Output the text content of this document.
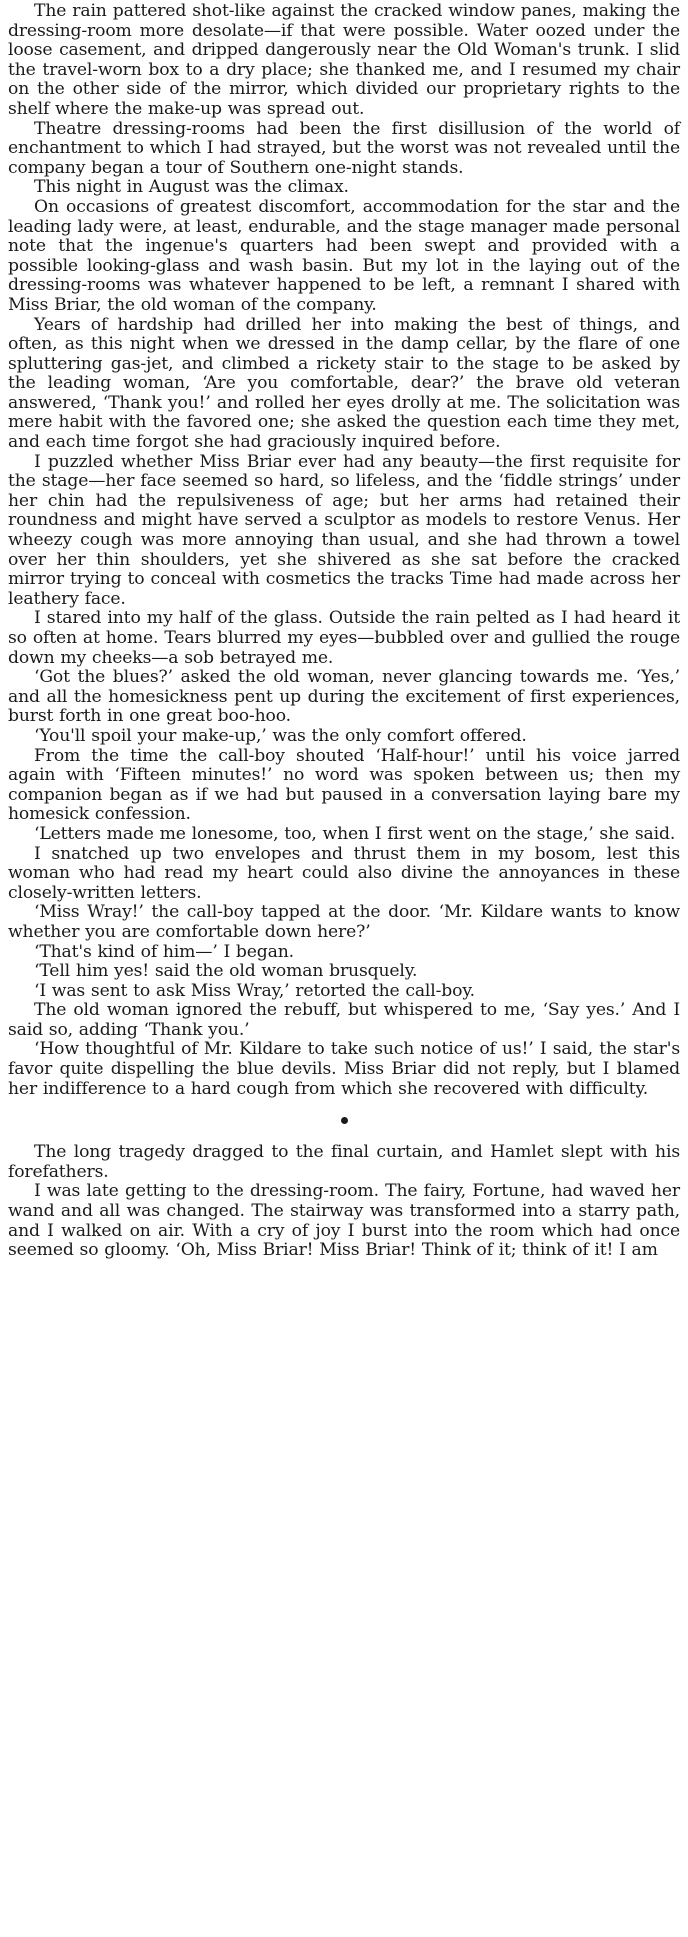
The rain pattered shot-like against the cracked window panes, making the dressing-room more desolate—if that were possible. Water oozed under the loose casement, and dripped dangerously near the Old Woman's trunk. I slid the travel-worn box to a dry place; she thanked me, and I resumed my chair on the other side of the mirror, which divided our proprietary rights to the shelf where the make-up was spread out.

Theatre dressing-rooms had been the first disillusion of the world of enchantment to which I had strayed, but the worst was not revealed until the company began a tour of Southern one-night stands.

This night in August was the climax.

On occasions of greatest discomfort, accommodation for the star and the leading lady were, at least, endurable, and the stage manager made personal note that the ingenue's quarters had been swept and provided with a possible looking-glass and wash basin. But my lot in the laying out of the dressing-rooms was whatever happened to be left, a remnant I shared with Miss Briar, the old woman of the company.

Years of hardship had drilled her into making the best of things, and often, as this night when we dressed in the damp cellar, by the flare of one spluttering gas-jet, and climbed a rickety stair to the stage to be asked by the leading woman, ‘Are you comfortable, dear?’ the brave old veteran answered, ‘Thank you!’ and rolled her eyes drolly at me. The solicitation was mere habit with the favored one; she asked the question each time they met, and each time forgot she had graciously inquired before.

I puzzled whether Miss Briar ever had any beauty—the first requisite for the stage—her face seemed so hard, so lifeless, and the ‘fiddle strings’ under her chin had the repulsiveness of age; but her arms had retained their roundness and might have served a sculptor as models to restore Venus. Her wheezy cough was more annoying than usual, and she had thrown a towel over her thin shoulders, yet she shivered as she sat before the cracked mirror trying to conceal with cosmetics the tracks Time had made across her leathery face.

I stared into my half of the glass. Outside the rain pelted as I had heard it so often at home. Tears blurred my eyes—bubbled over and gullied the rouge down my cheeks—a sob betrayed me.

‘Got the blues?’ asked the old woman, never glancing towards me. ‘Yes,’ and all the homesickness pent up during the excitement of first experiences, burst forth in one great boo-hoo.

‘You'll spoil your make-up,’ was the only comfort offered.

From the time the call-boy shouted ‘Half-hour!’ until his voice jarred again with ‘Fifteen minutes!’ no word was spoken between us; then my companion began as if we had but paused in a conversation laying bare my homesick confession.

‘Letters made me lonesome, too, when I first went on the stage,’ she said.

I snatched up two envelopes and thrust them in my bosom, lest this woman who had read my heart could also divine the annoyances in these closely-written letters.

‘Miss Wray!’ the call-boy tapped at the door. ‘Mr. Kildare wants to know whether you are comfortable down here?’

‘That's kind of him—’ I began.

‘Tell him yes! said the old woman brusquely.

‘I was sent to ask Miss Wray,’ retorted the call-boy.

The old woman ignored the rebuff, but whispered to me, ‘Say yes.’ And I said so, adding ‘Thank you.’

‘How thoughtful of Mr. Kildare to take such notice of us!’ I said, the star's favor quite dispelling the blue devils. Miss Briar did not reply, but I blamed her indifference to a hard cough from which she recovered with difficulty.

The long tragedy dragged to the final curtain, and Hamlet slept with his forefathers.

I was late getting to the dressing-room. The fairy, Fortune, had waved her wand and all was changed. The stairway was transformed into a starry path, and I walked on air. With a cry of joy I burst into the room which had once seemed so gloomy. ‘Oh, Miss Briar! Miss Briar! Think of it; think of it! I am
